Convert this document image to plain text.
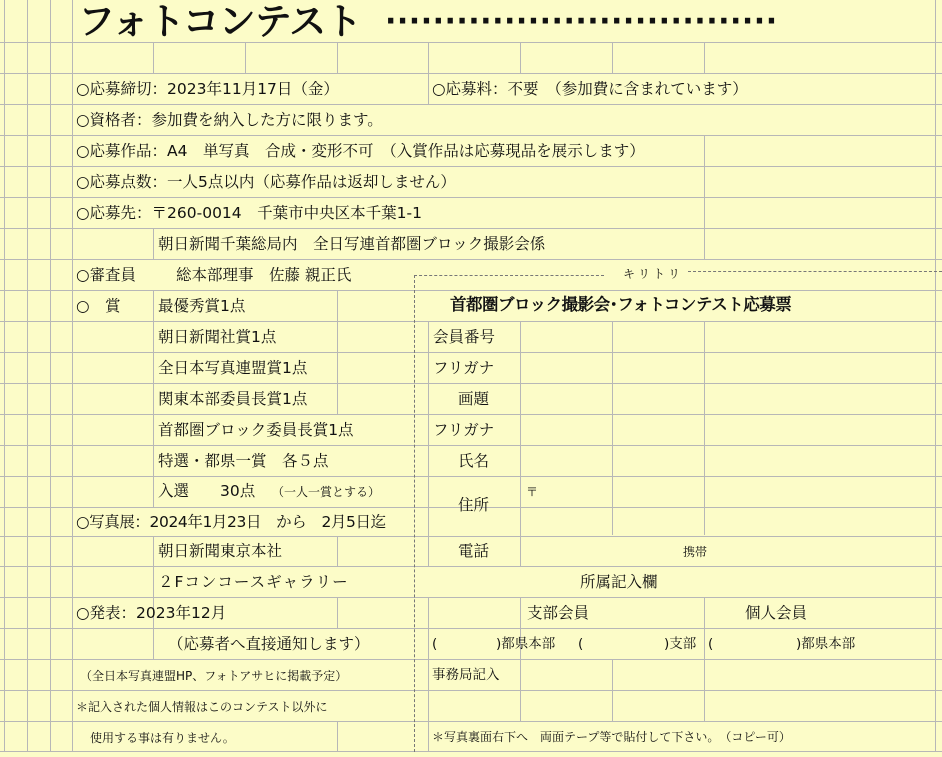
フォトコンテスト ·································
○応募締切：2023年11月17日（金）	○応募料：不要　（参加費に含まれています）
○資格者：参加費を納入した方に限ります。
○応募作品：A4　単写真　合成・変形不可　（入賞作品は応募現品を展示します）
○応募点数：一人5点以内（応募作品は返却しません）
○応募先：〒260-0014　千葉市中央区本千葉1-1
朝日新聞千葉総局内　全日写連首都圏ブロック撮影会係
○審査員	総本部理事　佐藤 親正氏	キリトリ
○　賞 最優秀賞1点
朝日新聞社賞1点
全日本写真連盟賞1点
関東本部委員長賞1点
首都圏ブロック委員長賞1点
特選・都県一賞　各５点
入選　　30点 （一人一賞とする）
○写真展：2024年1月23日　から　2月5日迄
朝日新聞東京本社
２Fコンコースギャラリー
○発表：2023年12月
（応募者へ直接通知します）
（全日本写真連盟HP、フォトアサヒに掲載予定）
＊記入された個人情報はこのコンテスト以外に
使用する事は有りません。
首都圏ブロック撮影会･フォトコンテスト応募票
会員番号
フリガナ
画題
フリガナ
氏名
住所
〒
電話	携帯
所属記入欄
支部会員	個人会員
(	)都県本部 (	)支部 (	)都県本部
事務局記入
＊写真裏面右下へ　両面テープ等で貼付して下さい。　（コピー可）
